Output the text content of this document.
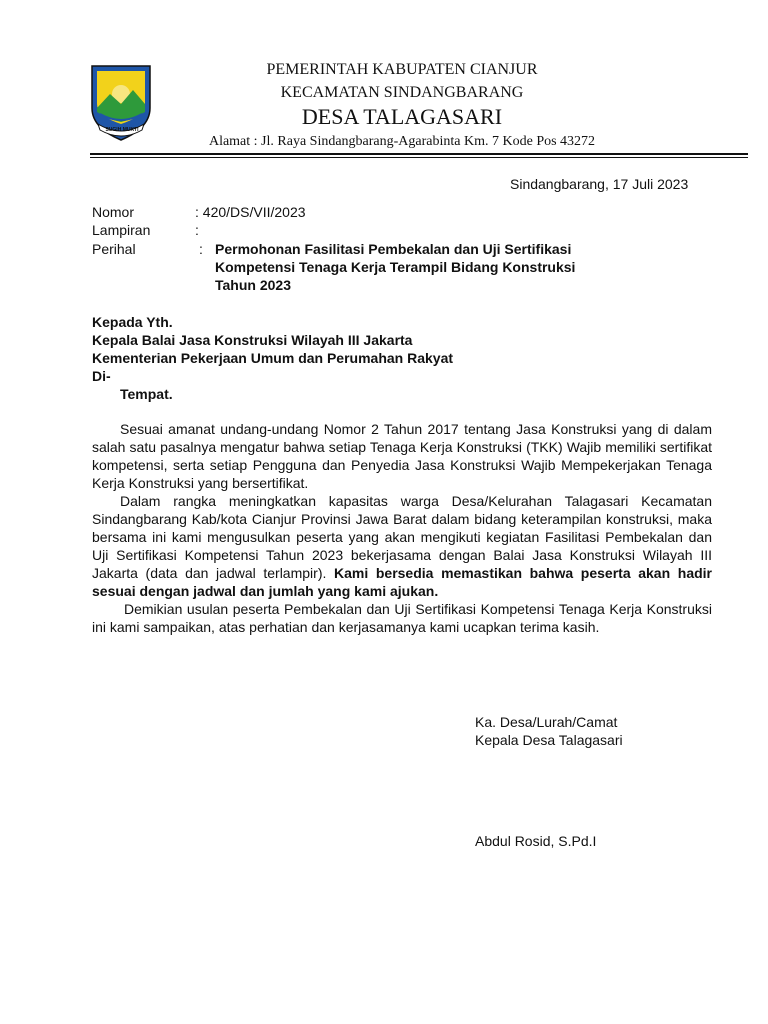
SUGIH MUKTI
PEMERINTAH KABUPATEN CIANJUR
KECAMATAN SINDANGBARANG
DESA TALAGASARI
Alamat : Jl. Raya Sindangbarang-Agarabinta Km. 7 Kode Pos 43272
Sindangbarang, 17 Juli 2023
Nomor	: 420/DS/VII/2023
Lampiran	:
Perihal	: Permohonan Fasilitasi Pembekalan dan Uji Sertifikasi
Kompetensi Tenaga Kerja Terampil Bidang Konstruksi
Tahun 2023
Kepada Yth.
Kepala Balai Jasa Konstruksi Wilayah III Jakarta
Kementerian Pekerjaan Umum dan Perumahan Rakyat
Di-
Tempat.

Sesuai amanat undang-undang Nomor 2 Tahun 2017 tentang Jasa Konstruksi yang di dalam salah satu pasalnya mengatur bahwa setiap Tenaga Kerja Konstruksi (TKK) Wajib memiliki sertifikat kompetensi, serta setiap Pengguna dan Penyedia Jasa Konstruksi Wajib Mempekerjakan Tenaga Kerja Konstruksi yang bersertifikat.

Dalam rangka meningkatkan kapasitas warga Desa/Kelurahan Talagasari Kecamatan Sindangbarang Kab/kota Cianjur Provinsi Jawa Barat dalam bidang keterampilan konstruksi, maka bersama ini kami mengusulkan peserta yang akan mengikuti kegiatan Fasilitasi Pembekalan dan Uji Sertifikasi Kompetensi Tahun 2023 bekerjasama dengan Balai Jasa Konstruksi Wilayah III Jakarta (data dan jadwal terlampir). Kami bersedia memastikan bahwa peserta akan hadir sesuai dengan jadwal dan jumlah yang kami ajukan.

Demikian usulan peserta Pembekalan dan Uji Sertifikasi Kompetensi Tenaga Kerja Konstruksi ini kami sampaikan, atas perhatian dan kerjasamanya kami ucapkan terima kasih.

Ka. Desa/Lurah/Camat
Kepala Desa Talagasari
Abdul Rosid, S.Pd.I
